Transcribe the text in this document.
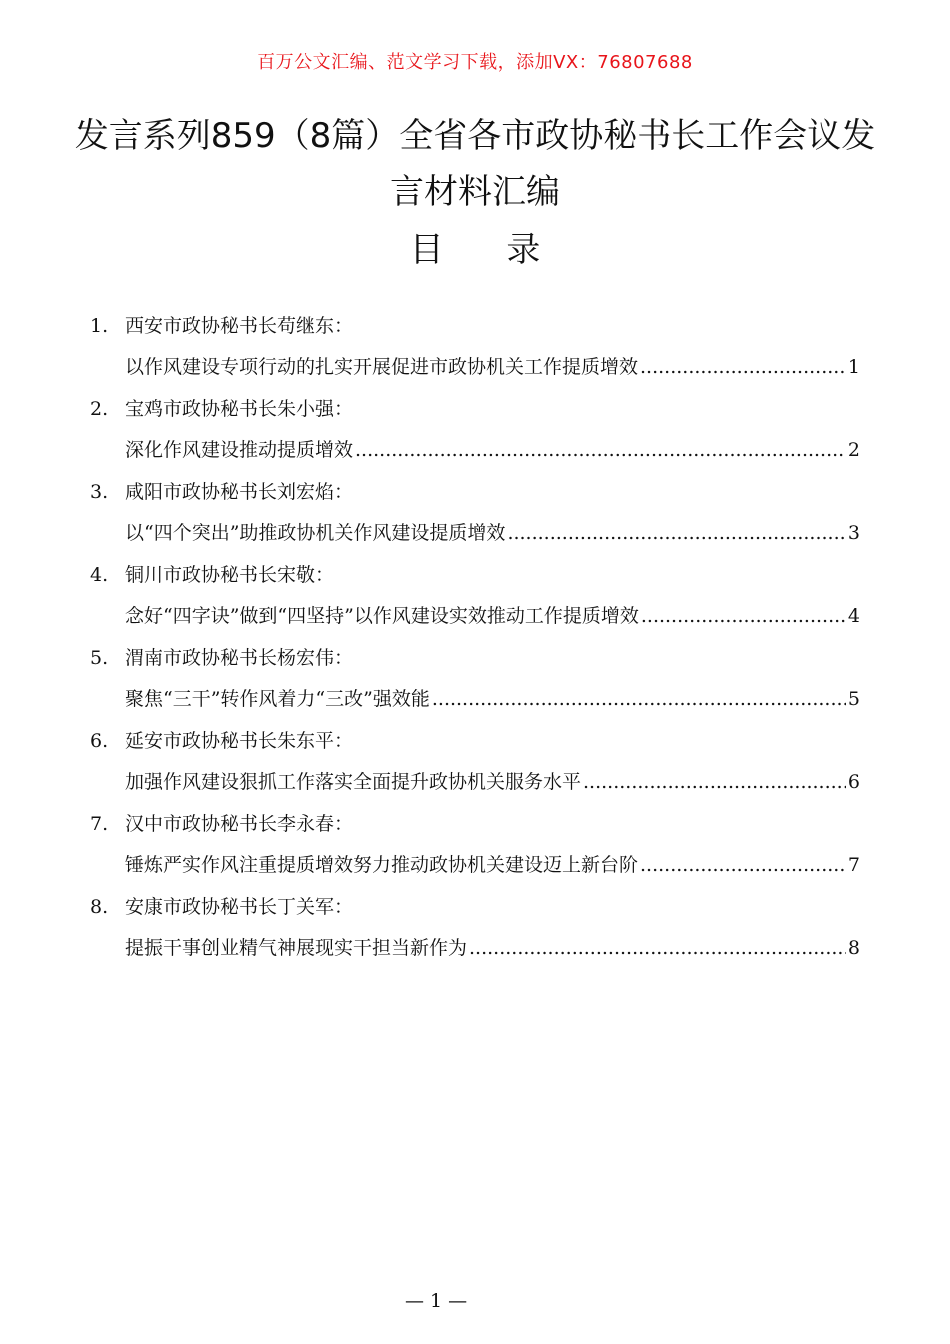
百万公文汇编、范文学习下载，添加VX：76807688
发言系列859（8篇）全省各市政协秘书长工作会议发言材料汇编
目 录
1. 西安市政协秘书长苟继东：
以作风建设专项行动的扎实开展促进市政协机关工作提质增效 .....	1
2. 宝鸡市政协秘书长朱小强：
深化作风建设推动提质增效 .....	2
3. 咸阳市政协秘书长刘宏焰：
以“四个突出”助推政协机关作风建设提质增效 .....	3
4. 铜川市政协秘书长宋敬：
念好“四字诀”做到“四坚持”以作风建设实效推动工作提质增效 .....	4
5. 渭南市政协秘书长杨宏伟：
聚焦“三干”转作风着力“三改”强效能 .....	5
6. 延安市政协秘书长朱东平：
加强作风建设狠抓工作落实全面提升政协机关服务水平 .....	6
7. 汉中市政协秘书长李永春：
锤炼严实作风注重提质增效努力推动政协机关建设迈上新台阶 .....	7
8. 安康市政协秘书长丁关军：
提振干事创业精气神展现实干担当新作为 .....	8
— 1 —
